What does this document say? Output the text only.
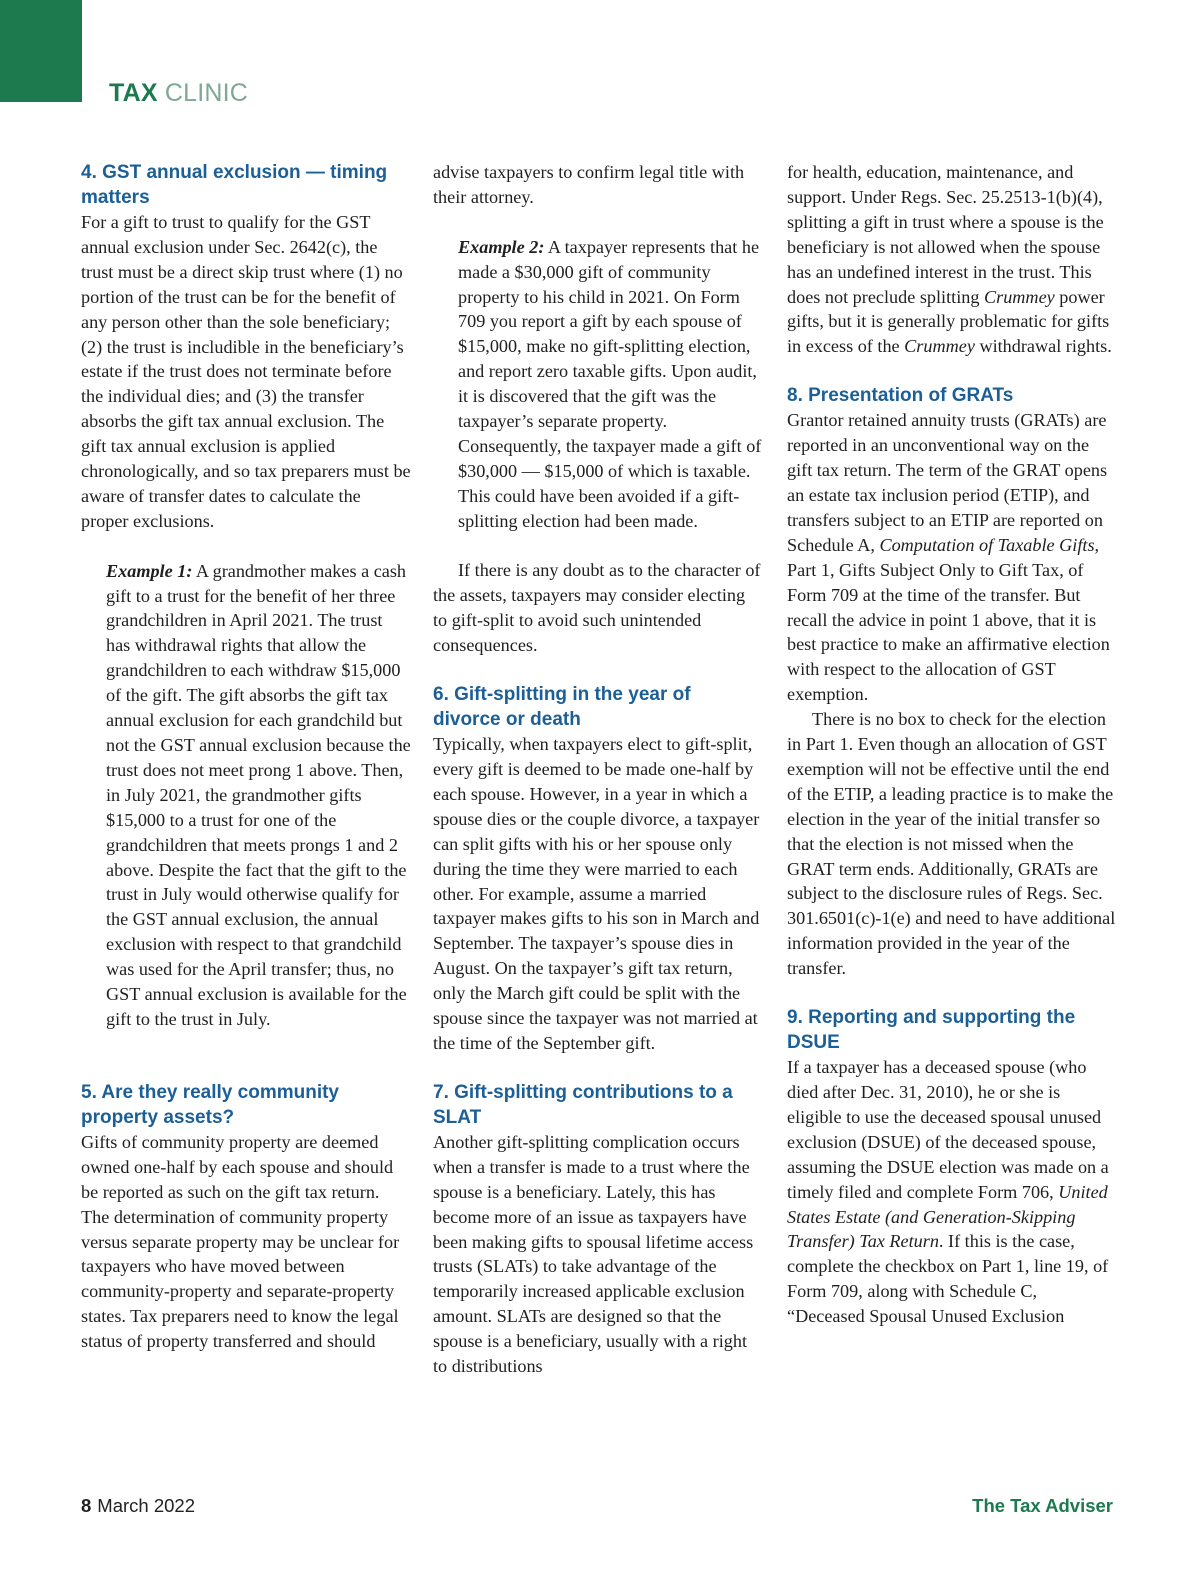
TAX CLINIC
4. GST annual exclusion — timing matters

For a gift to trust to qualify for the GST annual exclusion under Sec. 2642(c), the trust must be a direct skip trust where (1) no portion of the trust can be for the benefit of any person other than the sole beneficiary; (2) the trust is includible in the beneficiary’s estate if the trust does not terminate before the individual dies; and (3) the transfer absorbs the gift tax annual exclusion. The gift tax annual exclusion is applied chronologically, and so tax preparers must be aware of transfer dates to calculate the proper exclusions.

Example 1: A grandmother makes a cash gift to a trust for the benefit of her three grandchildren in April 2021. The trust has withdrawal rights that allow the grandchildren to each withdraw $15,000 of the gift. The gift absorbs the gift tax annual exclusion for each grandchild but not the GST annual exclusion because the trust does not meet prong 1 above. Then, in July 2021, the grandmother gifts $15,000 to a trust for one of the grandchildren that meets prongs 1 and 2 above. Despite the fact that the gift to the trust in July would otherwise qualify for the GST annual exclusion, the annual exclusion with respect to that grandchild was used for the April transfer; thus, no GST annual exclusion is available for the gift to the trust in July.

5. Are they really community property assets?

Gifts of community property are deemed owned one-half by each spouse and should be reported as such on the gift tax return. The determination of community property versus separate property may be unclear for taxpayers who have moved between community-property and separate-property states. Tax preparers need to know the legal status of property transferred and should

advise taxpayers to confirm legal title with their attorney.

Example 2: A taxpayer represents that he made a $30,000 gift of community property to his child in 2021. On Form 709 you report a gift by each spouse of $15,000, make no gift-splitting election, and report zero taxable gifts. Upon audit, it is discovered that the gift was the taxpayer’s separate property. Consequently, the taxpayer made a gift of $30,000 — $15,000 of which is taxable. This could have been avoided if a gift-splitting election had been made.

If there is any doubt as to the character of the assets, taxpayers may consider electing to gift-split to avoid such unintended consequences.

6. Gift-splitting in the year of divorce or death

Typically, when taxpayers elect to gift-split, every gift is deemed to be made one-half by each spouse. However, in a year in which a spouse dies or the couple divorce, a taxpayer can split gifts with his or her spouse only during the time they were married to each other. For example, assume a married taxpayer makes gifts to his son in March and September. The taxpayer’s spouse dies in August. On the taxpayer’s gift tax return, only the March gift could be split with the spouse since the taxpayer was not married at the time of the September gift.

7. Gift-splitting contributions to a SLAT

Another gift-splitting complication occurs when a transfer is made to a trust where the spouse is a beneficiary. Lately, this has become more of an issue as taxpayers have been making gifts to spousal lifetime access trusts (SLATs) to take advantage of the temporarily increased applicable exclusion amount. SLATs are designed so that the spouse is a beneficiary, usually with a right to distributions

for health, education, maintenance, and support. Under Regs. Sec. 25.2513-1(b)(4), splitting a gift in trust where a spouse is the beneficiary is not allowed when the spouse has an undefined interest in the trust. This does not preclude splitting Crummey power gifts, but it is generally problematic for gifts in excess of the Crummey withdrawal rights.

8. Presentation of GRATs

Grantor retained annuity trusts (GRATs) are reported in an unconventional way on the gift tax return. The term of the GRAT opens an estate tax inclusion period (ETIP), and transfers subject to an ETIP are reported on Schedule A, Computation of Taxable Gifts, Part 1, Gifts Subject Only to Gift Tax, of Form 709 at the time of the transfer. But recall the advice in point 1 above, that it is best practice to make an affirmative election with respect to the allocation of GST exemption.

There is no box to check for the election in Part 1. Even though an allocation of GST exemption will not be effective until the end of the ETIP, a leading practice is to make the election in the year of the initial transfer so that the election is not missed when the GRAT term ends. Additionally, GRATs are subject to the disclosure rules of Regs. Sec. 301.6501(c)-1(e) and need to have additional information provided in the year of the transfer.

9. Reporting and supporting the DSUE

If a taxpayer has a deceased spouse (who died after Dec. 31, 2010), he or she is eligible to use the deceased spousal unused exclusion (DSUE) of the deceased spouse, assuming the DSUE election was made on a timely filed and complete Form 706, United States Estate (and Generation-Skipping Transfer) Tax Return. If this is the case, complete the checkbox on Part 1, line 19, of Form 709, along with Schedule C, “Deceased Spousal Unused Exclusion

8 March 2022	The Tax Adviser
